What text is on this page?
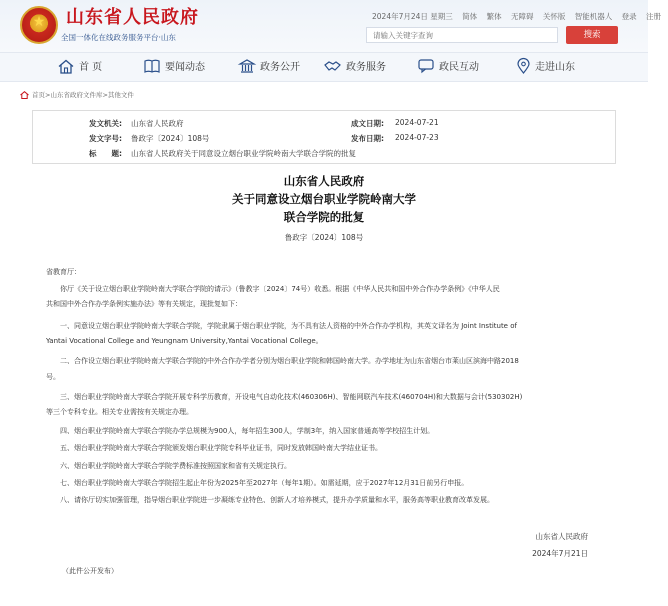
★	山东省人民政府
全国一体化在线政务服务平台·山东
2024年7月24日 星期三 简体 繁体 无障碍 关怀版 智能机器人 登录 注册
请输入关键字查询
搜索
首 页	要闻动态	政务公开	政务服务	政民互动	走进山东
首页>山东省政府文件库>其他文件
发文机关: 山东省人民政府	成文日期: 2024-07-21
发文字号: 鲁政字〔2024〕108号	发布日期: 2024-07-23
标　　题: 山东省人民政府关于同意设立烟台职业学院岭南大学联合学院的批复
山东省人民政府
关于同意设立烟台职业学院岭南大学
联合学院的批复
鲁政字〔2024〕108号
省教育厅：
你厅《关于设立烟台职业学院岭南大学联合学院的请示》（鲁教字〔2024〕74号）收悉。根据《中华人民共和国中外合作办学条例》《中华人民
共和国中外合作办学条例实施办法》等有关规定，现批复如下：
一、同意设立烟台职业学院岭南大学联合学院，学院隶属于烟台职业学院，为不具有法人资格的中外合作办学机构，其英文译名为 Joint Institute of
Yantai Vocational College and Yeungnam University,Yantai Vocational College。
二、合作设立烟台职业学院岭南大学联合学院的中外合作办学者分别为烟台职业学院和韩国岭南大学。办学地址为山东省烟台市莱山区滨海中路2018
号。
三、烟台职业学院岭南大学联合学院开展专科学历教育，开设电气自动化技术(460306H)、智能网联汽车技术(460704H)和大数据与会计(530302H)
等三个专科专业。相关专业需按有关规定办理。
四、烟台职业学院岭南大学联合学院办学总规模为900人，每年招生300人，学制3年，纳入国家普通高等学校招生计划。
五、烟台职业学院岭南大学联合学院颁发烟台职业学院专科毕业证书，同时发放韩国岭南大学结业证书。
六、烟台职业学院岭南大学联合学院学费标准按照国家和省有关规定执行。
七、烟台职业学院岭南大学联合学院招生起止年份为2025年至2027年（每年1期）。如需延期，应于2027年12月31日前另行申报。
八、请你厅切实加强管理，指导烟台职业学院进一步凝练专业特色、创新人才培养模式，提升办学质量和水平，服务高等职业教育改革发展。
山东省人民政府
2024年7月21日
（此件公开发布）
